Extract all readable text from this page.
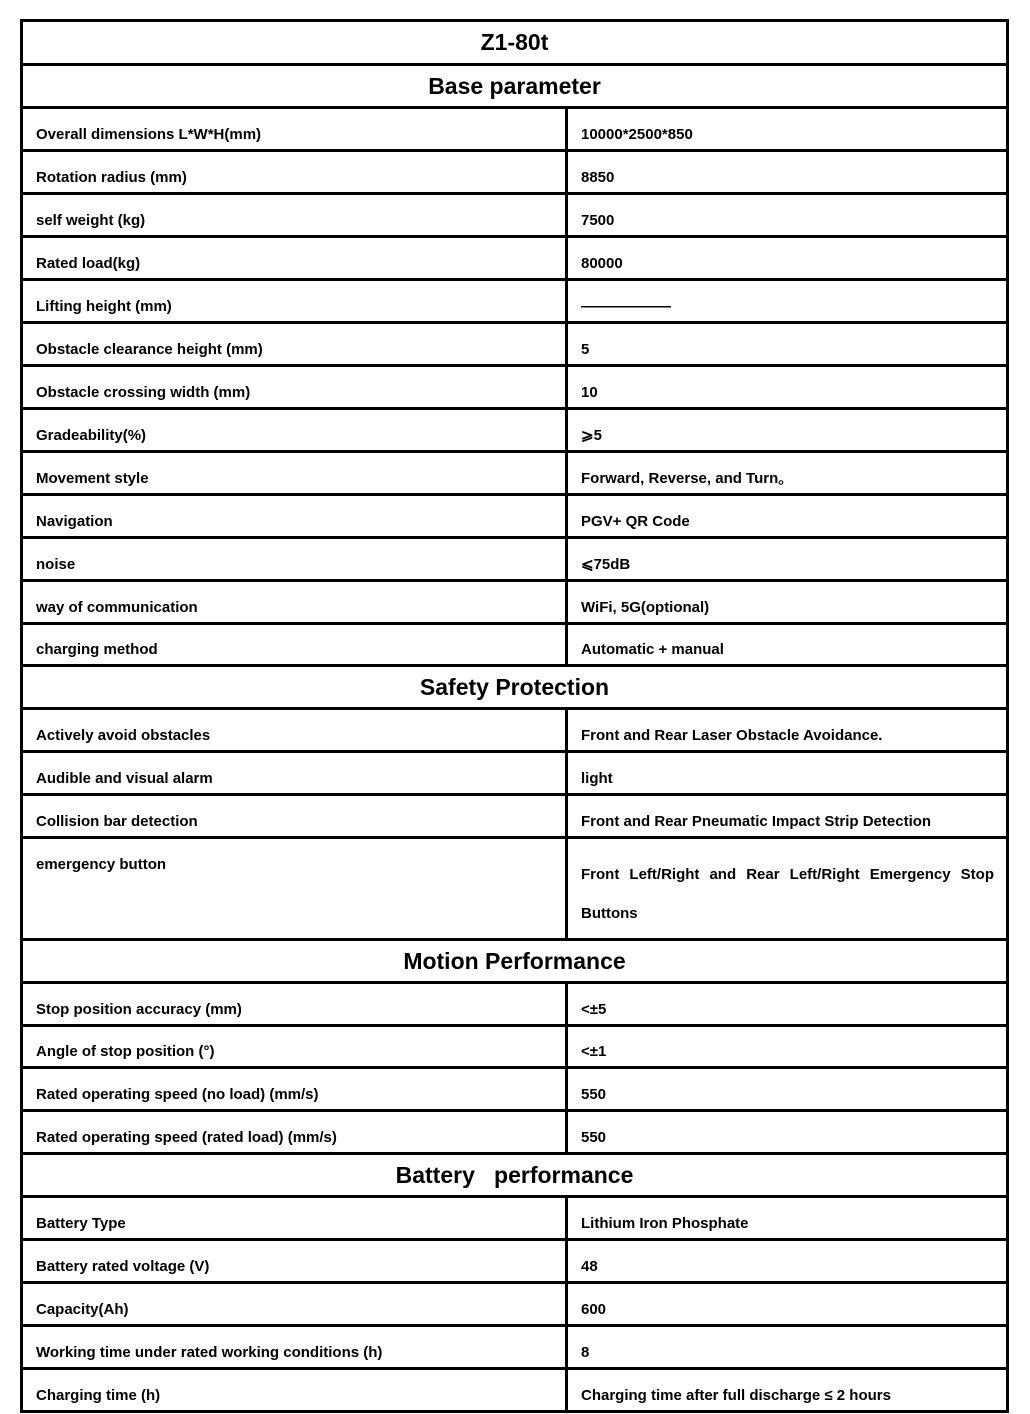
Z1-80t	
Base parameter	
Overall dimensions L*W*H(mm)	10000*2500*850
Rotation radius (mm)	8850
self weight (kg)	7500
Rated load(kg)	80000
Lifting height (mm)	——————
Obstacle clearance height (mm)	5
Obstacle crossing width (mm)	10
Gradeability(%)	⩾5
Movement style	Forward, Reverse, and Turn。
Navigation	PGV+ QR Code
noise	⩽75dB
way of communication	WiFi, 5G(optional)
charging method	Automatic + manual
Safety Protection	
Actively avoid obstacles	Front and Rear Laser Obstacle Avoidance.
Audible and visual alarm	light
Collision bar detection	Front and Rear Pneumatic Impact Strip Detection
emergency button	Front Left/Right and Rear Left/Right Emergency Stop Buttons
Motion Performance	
Stop position accuracy (mm)	<±5
Angle of stop position (°)	<±1
Rated operating speed (no load) (mm/s)	550
Rated operating speed (rated load) (mm/s)	550
Battery   performance	
Battery Type	Lithium Iron Phosphate
Battery rated voltage (V)	48
Capacity(Ah)	600
Working time under rated working conditions (h)	8
Charging time (h)	Charging time after full discharge ≤ 2 hours
